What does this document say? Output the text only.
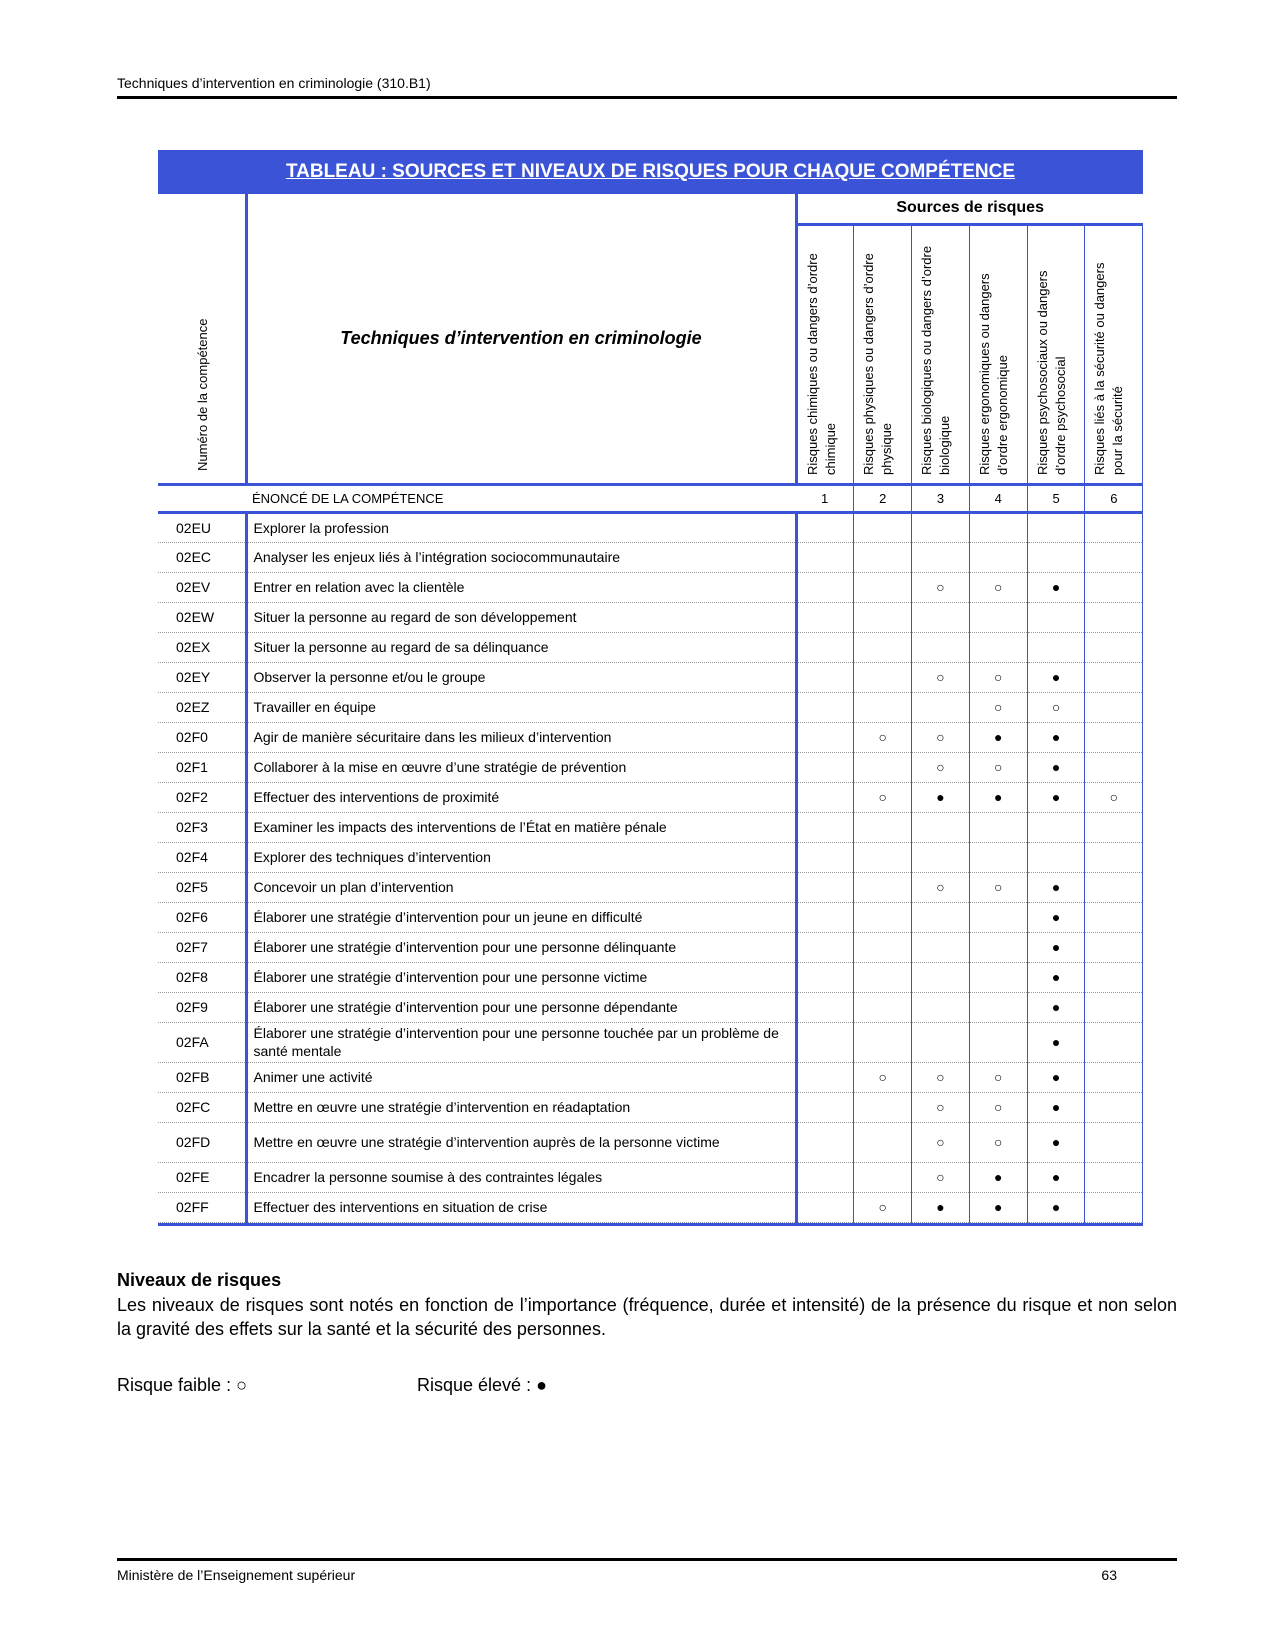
Techniques d’intervention en criminologie (310.B1)
TABLEAU : SOURCES ET NIVEAUX DE RISQUES POUR CHAQUE COMPÉTENCE
Numéro de la compétence	Techniques d’intervention en criminologie	Sources de risques					

		Risques chimiques ou dangers d’ordre chimique	Risques physiques ou dangers d’ordre physique	Risques biologiques ou dangers d’ordre biologique	Risques ergonomiques ou dangers d’ordre ergonomique	Risques psychosociaux ou dangers d’ordre psychosocial	Risques liés à la sécurité ou dangers pour la sécurité

	ÉNONCÉ DE LA COMPÉTENCE	1	2	3	4	5	6
02EU	Explorer la profession						
02EC	Analyser les enjeux liés à l’intégration sociocommunautaire						
02EV	Entrer en relation avec la clientèle			○	○	●	
02EW	Situer la personne au regard de son développement						
02EX	Situer la personne au regard de sa délinquance						
02EY	Observer la personne et/ou le groupe			○	○	●	
02EZ	Travailler en équipe				○	○	
02F0	Agir de manière sécuritaire dans les milieux d’intervention		○	○	●	●	
02F1	Collaborer à la mise en œuvre d’une stratégie de prévention			○	○	●	
02F2	Effectuer des interventions de proximité		○	●	●	●	○
02F3	Examiner les impacts des interventions de l’État en matière pénale						
02F4	Explorer des techniques d’intervention						
02F5	Concevoir un plan d’intervention			○	○	●	
02F6	Élaborer une stratégie d’intervention pour un jeune en difficulté					●	
02F7	Élaborer une stratégie d’intervention pour une personne délinquante					●	
02F8	Élaborer une stratégie d’intervention pour une personne victime					●	
02F9	Élaborer une stratégie d’intervention pour une personne dépendante					●	
02FA	Élaborer une stratégie d’intervention pour une personne touchée par un problème de santé mentale					●	
02FB	Animer une activité		○	○	○	●	
02FC	Mettre en œuvre une stratégie d’intervention en réadaptation			○	○	●	
02FD	Mettre en œuvre une stratégie d’intervention auprès de la personne victime			○	○	●	
02FE	Encadrer la personne soumise à des contraintes légales			○	●	●	
02FF	Effectuer des interventions en situation de crise		○	●	●	●	
Niveaux de risques

Les niveaux de risques sont notés en fonction de l’importance (fréquence, durée et intensité) de la présence du risque et non selon la gravité des effets sur la santé et la sécurité des personnes.

Risque faible : ○	Risque élevé : ●
Ministère de l’Enseignement supérieur	63
